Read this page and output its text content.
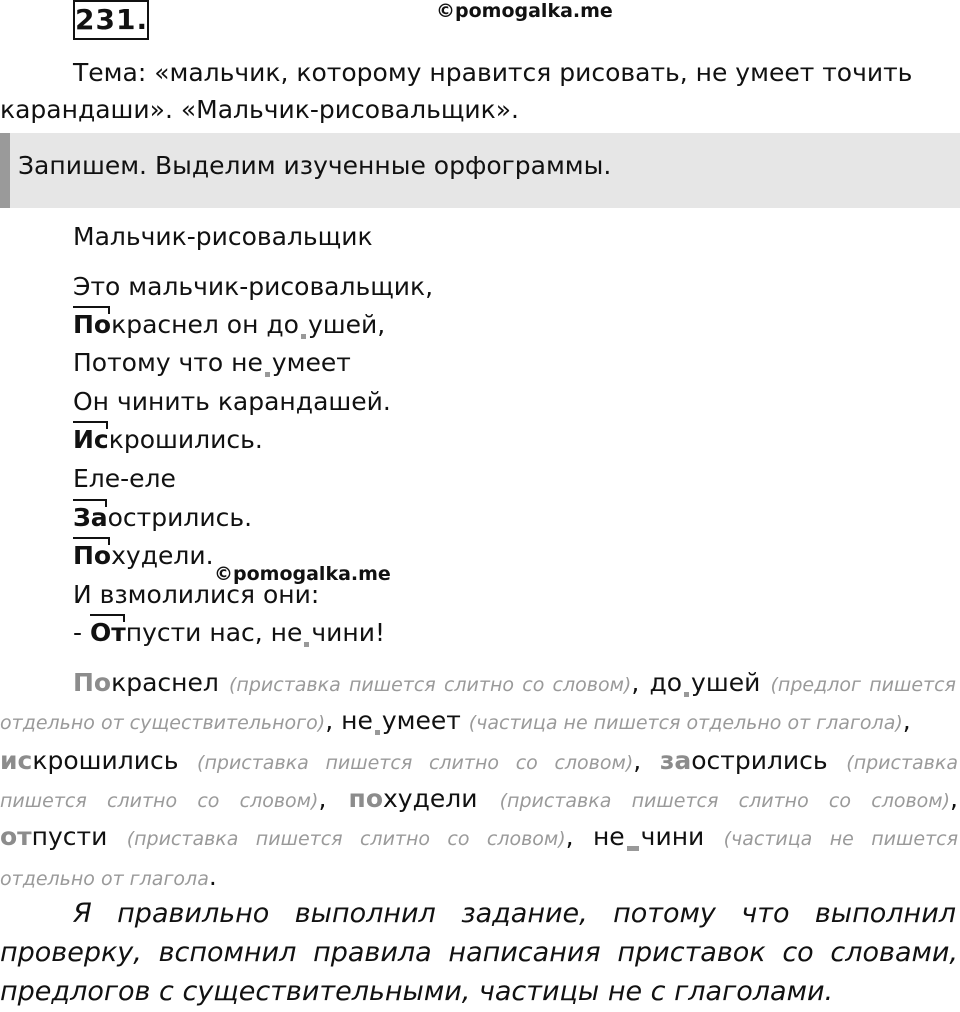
231.	©pomogalka.me
Тема: «мальчик, которому нравится рисовать, не умеет точить
карандаши». «Мальчик-рисовальщик».
Запишем. Выделим изученные орфограммы.
Мальчик-рисовальщик
Это мальчик-рисовальщик,
Покраснел он до ушей,
Потому что не умеет
Он чинить карандашей.
Искрошились.
Еле-еле
Заострились.
Похудели.
©pomogalka.me
И взмолилися они:
- Отпусти нас, не чини!
Покраснел (приставка пишется слитно со словом), до ушей (предлог пишется
отдельно от существительного), не умеет (частица не пишется отдельно от глагола),
искрошились (приставка пишется слитно со словом), заострились (приставка
пишется слитно со словом), похудели (приставка пишется слитно со словом),
отпусти (приставка пишется слитно со словом), не чини (частица не пишется
отдельно от глагола.
Я правильно выполнил задание, потому что выполнил
проверку, вспомнил правила написания приставок со словами,
предлогов с существительными, частицы не с глаголами.
